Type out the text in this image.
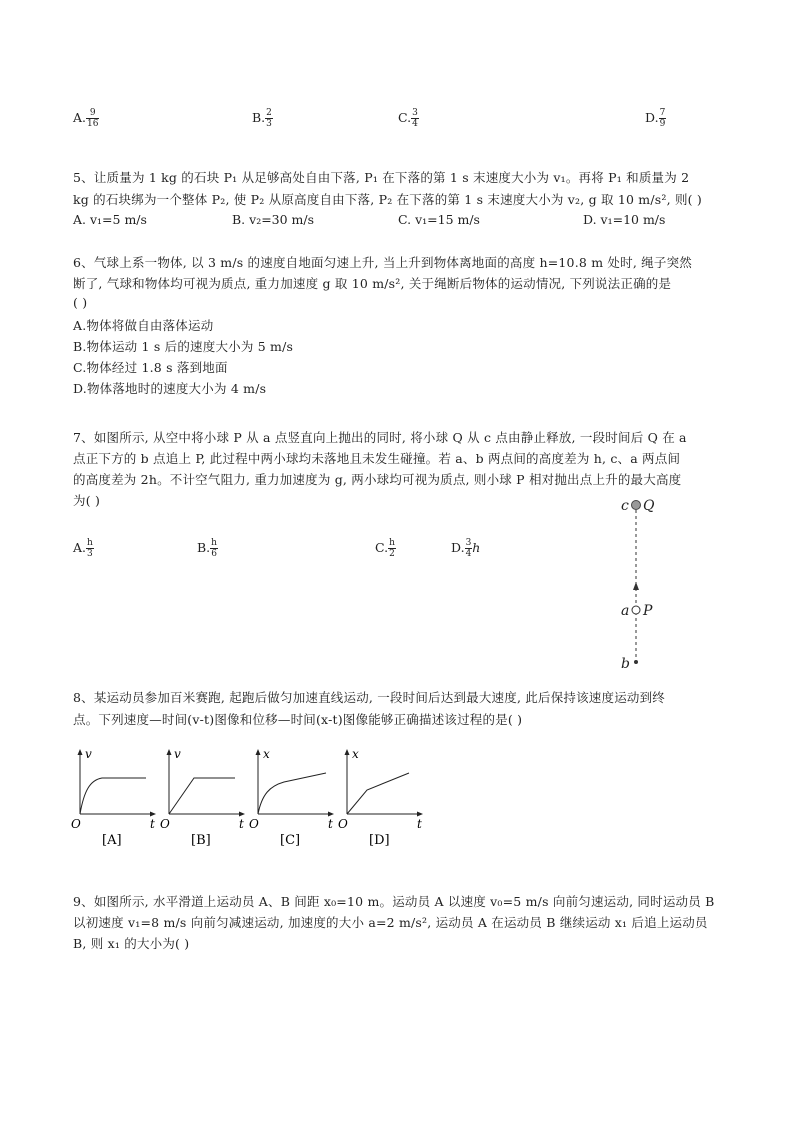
A. $\frac{9}{16}$	B. $\frac{2}{3}$	C. $\frac{3}{4}$	D. $\frac{7}{9}$
5、让质量为 1 kg 的石块 P₁ 从足够高处自由下落, P₁ 在下落的第 1 s 末速度大小为 v₁。再将 P₁ 和质量为 2
kg 的石块绑为一个整体 P₂, 使 P₂ 从原高度自由下落, P₂ 在下落的第 1 s 末速度大小为 v₂, g 取 10 m/s², 则( )
A. v₁=5 m/s	B. v₂=30 m/s	C. v₁=15 m/s	D. v₁=10 m/s
6、气球上系一物体, 以 3 m/s 的速度自地面匀速上升, 当上升到物体离地面的高度 h=10.8 m 处时, 绳子突然
断了, 气球和物体均可视为质点, 重力加速度 g 取 10 m/s², 关于绳断后物体的运动情况, 下列说法正确的是
( )
A.物体将做自由落体运动
B.物体运动 1 s 后的速度大小为 5 m/s
C.物体经过 1.8 s 落到地面
D.物体落地时的速度大小为 4 m/s
7、如图所示, 从空中将小球 P 从 a 点竖直向上抛出的同时, 将小球 Q 从 c 点由静止释放, 一段时间后 Q 在 a
点正下方的 b 点追上 P, 此过程中两小球均未落地且未发生碰撞。若 a、b 两点间的高度差为 h, c、a 两点间
的高度差为 2h。不计空气阻力, 重力加速度为 g, 两小球均可视为质点, 则小球 P 相对抛出点上升的最大高度
为( )
A. $\frac{h}{3}$	B. $\frac{h}{6}$	C. $\frac{h}{2}$	D. $\frac{3}{4}$ h
c Q
a P
b
8、某运动员参加百米赛跑, 起跑后做匀加速直线运动, 一段时间后达到最大速度, 此后保持该速度运动到终
点。下列速度—时间(v-t)图像和位移—时间(x-t)图像能够正确描述该过程的是( )
v
t
O
[A]
v
t
O
[B]
x
t
O
[C]
x
t
O
[D]
9、如图所示, 水平滑道上运动员 A、B 间距 x₀=10 m。运动员 A 以速度 v₀=5 m/s 向前匀速运动, 同时运动员 B
以初速度 v₁=8 m/s 向前匀减速运动, 加速度的大小 a=2 m/s², 运动员 A 在运动员 B 继续运动 x₁ 后追上运动员
B, 则 x₁ 的大小为( )
